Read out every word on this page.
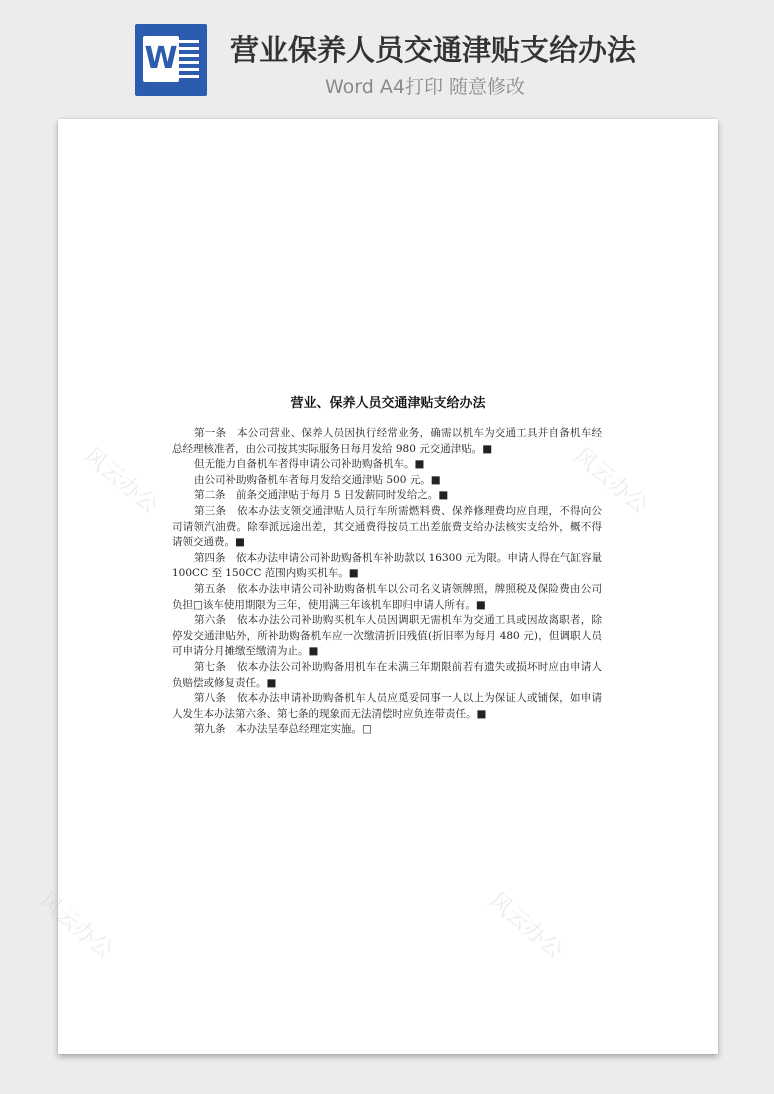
W 营业保养人员交通津贴支给办法
Word A4打印 随意修改
风云办公	风云办公
风云办公	风云办公
营业、保养人员交通津贴支给办法

第一条　本公司营业、保养人员因执行经常业务，确需以机车为交通工具并自备机车经总经理核准者，由公司按其实际服务日每月发给 980 元交通津贴。■

但无能力自备机车者得申请公司补助购备机车。■

由公司补助购备机车者每月发给交通津贴 500 元。■

第二条　前条交通津贴于每月 5 日发薪同时发给之。■

第三条　依本办法支领交通津贴人员行车所需燃料费、保养修理费均应自理，不得向公司请领汽油费。除奉派远途出差，其交通费得按员工出差旅费支给办法核实支给外，概不得请领交通费。■

第四条　依本办法申请公司补助购备机车补助款以 16300 元为限。申请人得在气缸容量 100CC 至 150CC 范围内购买机车。■

第五条　依本办法申请公司补助购备机车以公司名义请领牌照，牌照税及保险费由公司负担□该车使用期限为三年，使用满三年该机车即归申请人所有。■

第六条　依本办法公司补助购买机车人员因调职无需机车为交通工具或因故离职者，除停发交通津贴外，所补助购备机车应一次缴清折旧残值(折旧率为每月 480 元)，但调职人员可申请分月摊缴至缴清为止。■

第七条　依本办法公司补助购备用机车在未满三年期限前若有遗失或损坏时应由申请人负赔偿或修复责任。■

第八条　依本办法申请补助购备机车人员应觅妥同事一人以上为保证人或铺保，如申请人发生本办法第六条、第七条的现象而无法清偿时应负连带责任。■

第九条　本办法呈奉总经理定实施。□
